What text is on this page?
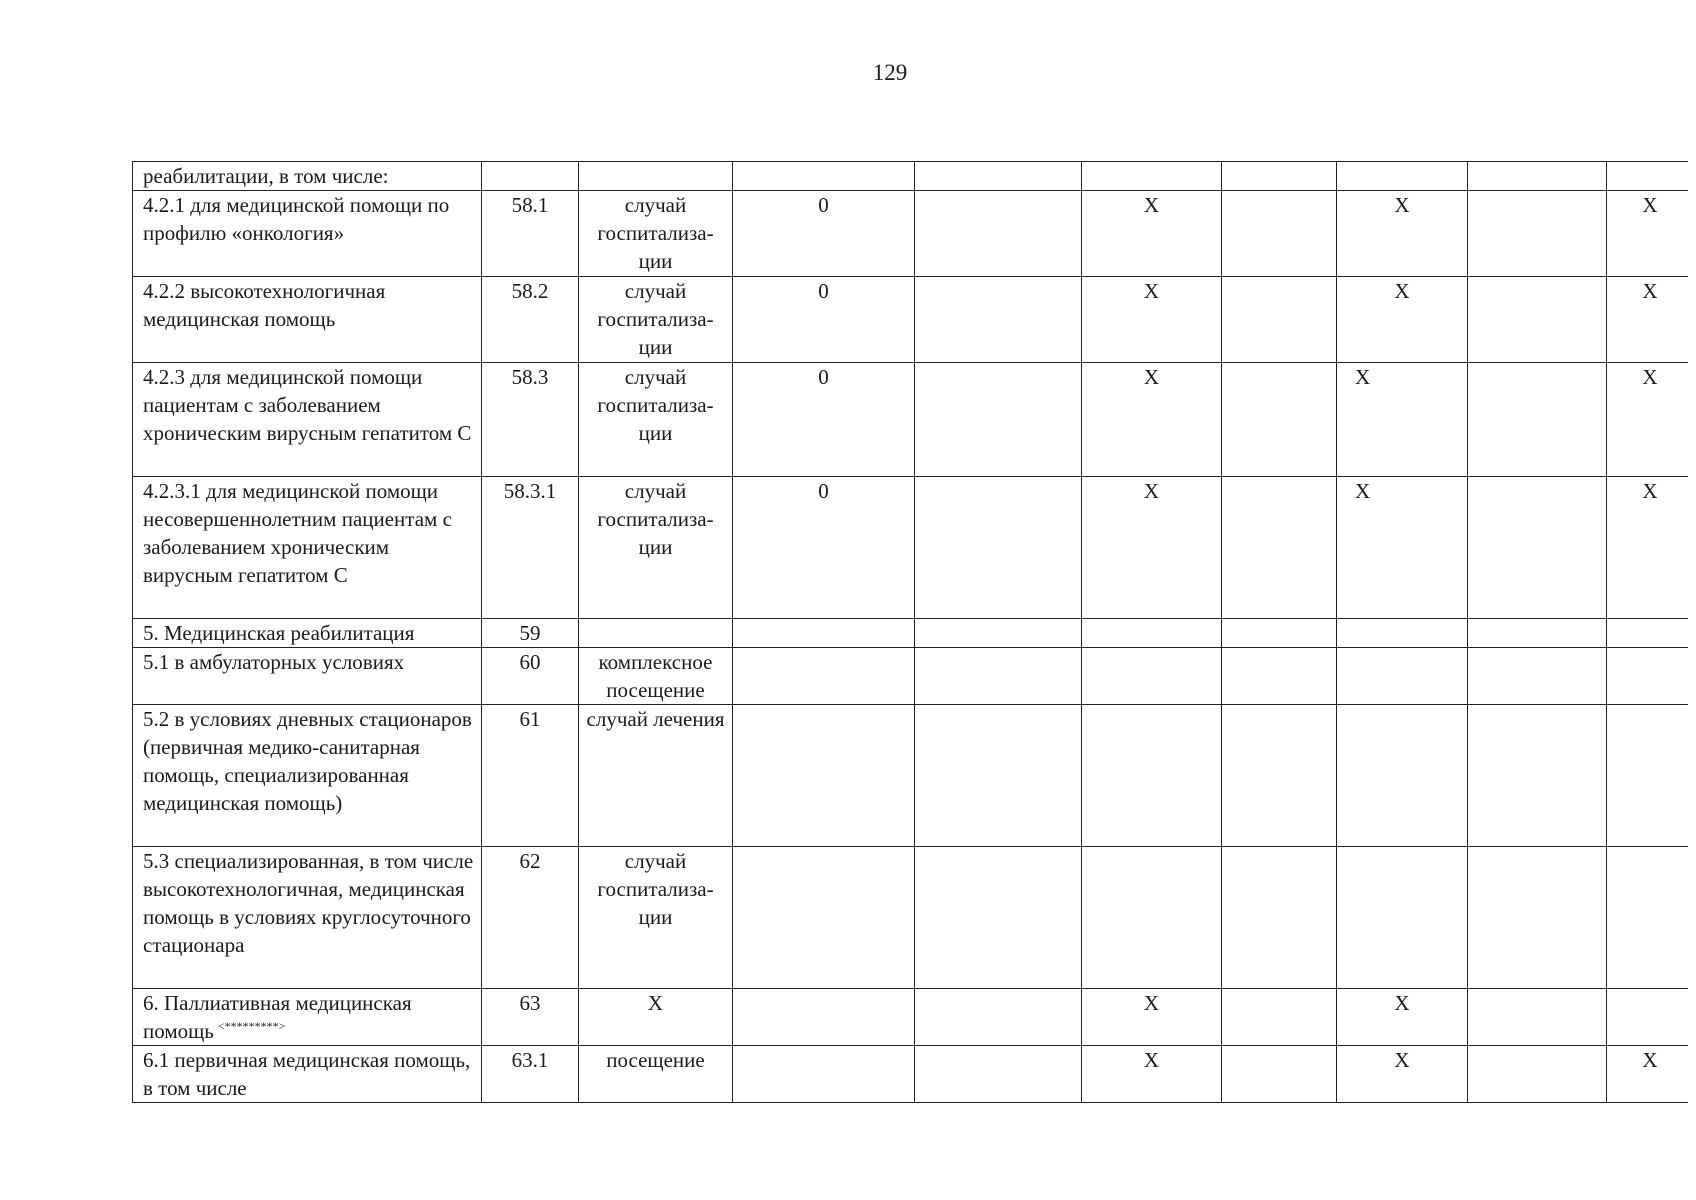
129
реабилитации, в том числе:									
4.2.1 для медицинской помощи по профилю «онкология»	58.1	случай госпитализа-ции	0		X		X		X
4.2.2 высокотехнологичная медицинская помощь	58.2	случай госпитализа-ции	0		X		X		X
4.2.3 для медицинской помощи пациентам с заболеванием хроническим вирусным гепатитом С	58.3	случай госпитализа-ции	0		X		X		X
4.2.3.1 для медицинской помощи несовершеннолетним пациентам с заболеванием хроническим вирусным гепатитом С	58.3.1	случай госпитализа-ции	0		X		X		X
5. Медицинская реабилитация	59								
5.1 в амбулаторных условиях	60	комплексное посещение							
5.2 в условиях дневных стационаров (первичная медико-санитарная помощь, специализированная медицинская помощь)	61	случай лечения							
5.3 специализированная, в том числе высокотехнологичная, медицинская помощь в условиях круглосуточного стационара	62	случай госпитализа-ции							
6. Паллиативная медицинская помощь <*********>	63	X			X		X		
6.1 первичная медицинская помощь, в том числе	63.1	посещение			X		X		X
